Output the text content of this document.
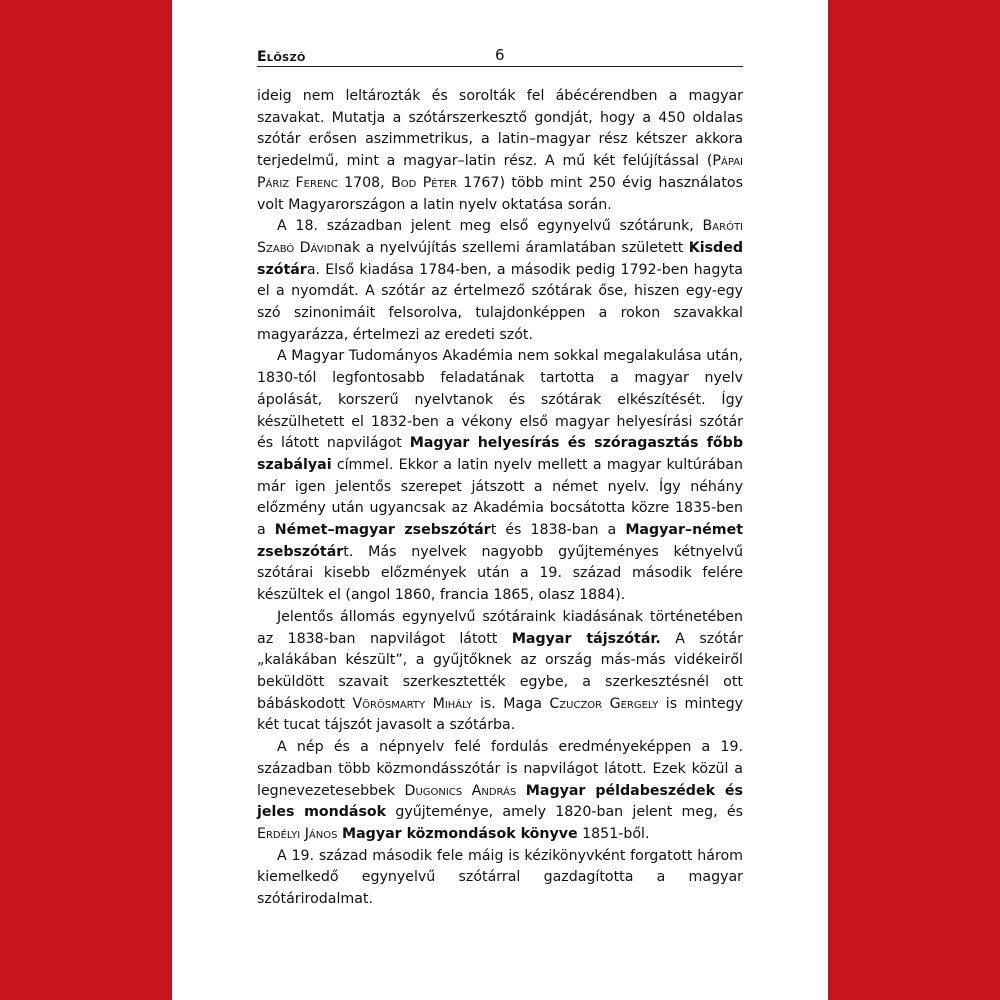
Előszó	6

ideig nem leltározták és sorolták fel ábécérendben a magyar szavakat. Mutatja a szótárszerkesztő gondját, hogy a 450 oldalas szótár erősen aszimmetrikus, a latin–magyar rész kétszer akkora terjedelmű, mint a magyar–latin rész. A mű két felújítással (Pápai Páriz Ferenc 1708, Bod Péter 1767) több mint 250 évig használatos volt Magyarországon a latin nyelv oktatása során.

A 18. században jelent meg első egynyelvű szótárunk, Baróti Szabó Dávidnak a nyelvújítás szellemi áramlatában született Kisded szótára. Első kiadása 1784-ben, a második pedig 1792-ben hagyta el a nyomdát. A szótár az értelmező szótárak őse, hiszen egy-egy szó szinonimáit felsorolva, tulajdonképpen a rokon szavakkal magyarázza, értelmezi az eredeti szót.

A Magyar Tudományos Akadémia nem sokkal megalakulása után, 1830-tól legfontosabb feladatának tartotta a magyar nyelv ápolását, korszerű nyelvtanok és szótárak elkészítését. Így készülhetett el 1832-ben a vékony első magyar helyesírási szótár és látott napvilágot Magyar helyesírás és szóragasztás főbb szabályai címmel. Ekkor a latin nyelv mellett a magyar kultúrában már igen jelentős szerepet játszott a német nyelv. Így néhány előzmény után ugyancsak az Akadémia bocsátotta közre 1835-ben a Német–magyar zsebszótárt és 1838-ban a Magyar–német zsebszótárt. Más nyelvek nagyobb gyűjteményes kétnyelvű szótárai kisebb előzmények után a 19. század második felére készültek el (angol 1860, francia 1865, olasz 1884).

Jelentős állomás egynyelvű szótáraink kiadásának történetében az 1838-ban napvilágot látott Magyar tájszótár. A szótár „kalákában készült”, a gyűjtőknek az ország más-más vidékeiről beküldött szavait szerkesztették egybe, a szerkesztésnél ott bábáskodott Vörösmarty Mihály is. Maga Czuczor Gergely is mintegy két tucat tájszót javasolt a szótárba.

A nép és a népnyelv felé fordulás eredményeképpen a 19. században több közmondásszótár is napvilágot látott. Ezek közül a legnevezetesebbek Dugonics András Magyar példabeszédek és jeles mondások gyűjteménye, amely 1820-ban jelent meg, és Erdélyi János Magyar közmondások könyve 1851-ből.

A 19. század második fele máig is kézikönyvként forgatott három kiemelkedő egynyelvű szótárral gazdagította a magyar szótárirodalmat.
